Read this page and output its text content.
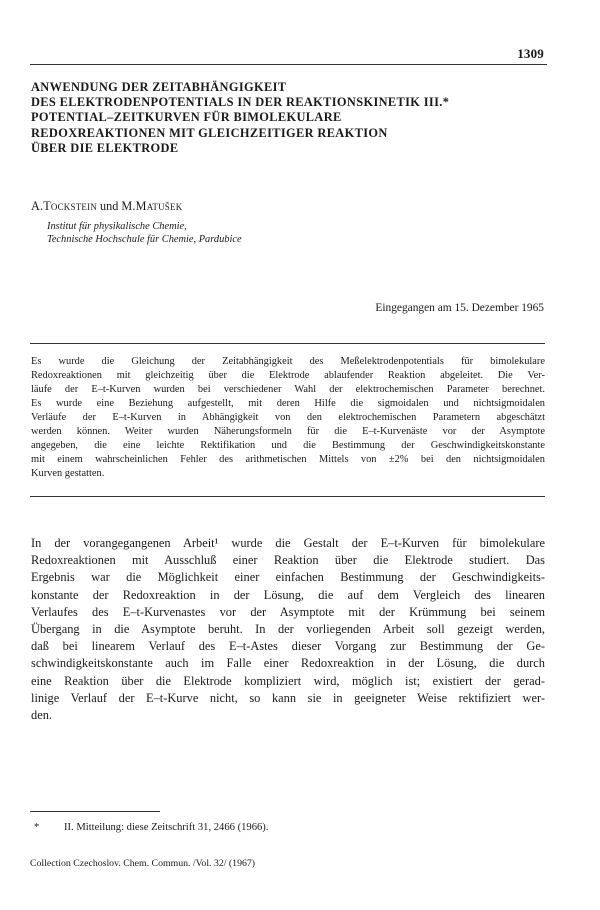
1309
ANWENDUNG DER ZEITABHÄNGIGKEIT
DES ELEKTRODENPOTENTIALS IN DER REAKTIONSKINETIK III.*
POTENTIAL–ZEITKURVEN FÜR BIMOLEKULARE
REDOXREAKTIONEN MIT GLEICHZEITIGER REAKTION
ÜBER DIE ELEKTRODE
A.Tockstein und M.Matušek
Institut für physikalische Chemie,
Technische Hochschule für Chemie, Pardubice
Eingegangen am 15. Dezember 1965
Es wurde die Gleichung der Zeitabhängigkeit des Meßelektrodenpotentials für bimolekulare
Redoxreaktionen mit gleichzeitig über die Elektrode ablaufender Reaktion abgeleitet. Die Ver-
läufe der E–t-Kurven wurden bei verschiedener Wahl der elektrochemischen Parameter berechnet.
Es wurde eine Beziehung aufgestellt, mit deren Hilfe die sigmoidalen und nichtsigmoidalen
Verläufe der E–t-Kurven in Abhängigkeit von den elektrochemischen Parametern abgeschätzt
werden können. Weiter wurden Näherungsformeln für die E–t-Kurvenäste vor der Asymptote
angegeben, die eine leichte Rektifikation und die Bestimmung der Geschwindigkeitskonstante
mit einem wahrscheinlichen Fehler des arithmetischen Mittels von ±2% bei den nichtsigmoidalen
Kurven gestatten.
In der vorangegangenen Arbeit¹ wurde die Gestalt der E–t-Kurven für bimolekulare
Redoxreaktionen mit Ausschluß einer Reaktion über die Elektrode studiert. Das
Ergebnis war die Möglichkeit einer einfachen Bestimmung der Geschwindigkeits-
konstante der Redoxreaktion in der Lösung, die auf dem Vergleich des linearen
Verlaufes des E–t-Kurvenastes vor der Asymptote mit der Krümmung bei seinem
Übergang in die Asymptote beruht. In der vorliegenden Arbeit soll gezeigt werden,
daß bei linearem Verlauf des E–t-Astes dieser Vorgang zur Bestimmung der Ge-
schwindigkeitskonstante auch im Falle einer Redoxreaktion in der Lösung, die durch
eine Reaktion über die Elektrode kompliziert wird, möglich ist; existiert der gerad-
linige Verlauf der E–t-Kurve nicht, so kann sie in geeigneter Weise rektifiziert wer-
den.
* II. Mitteilung: diese Zeitschrift 31, 2466 (1966).
Collection Czechoslov. Chem. Commun. /Vol. 32/ (1967)
